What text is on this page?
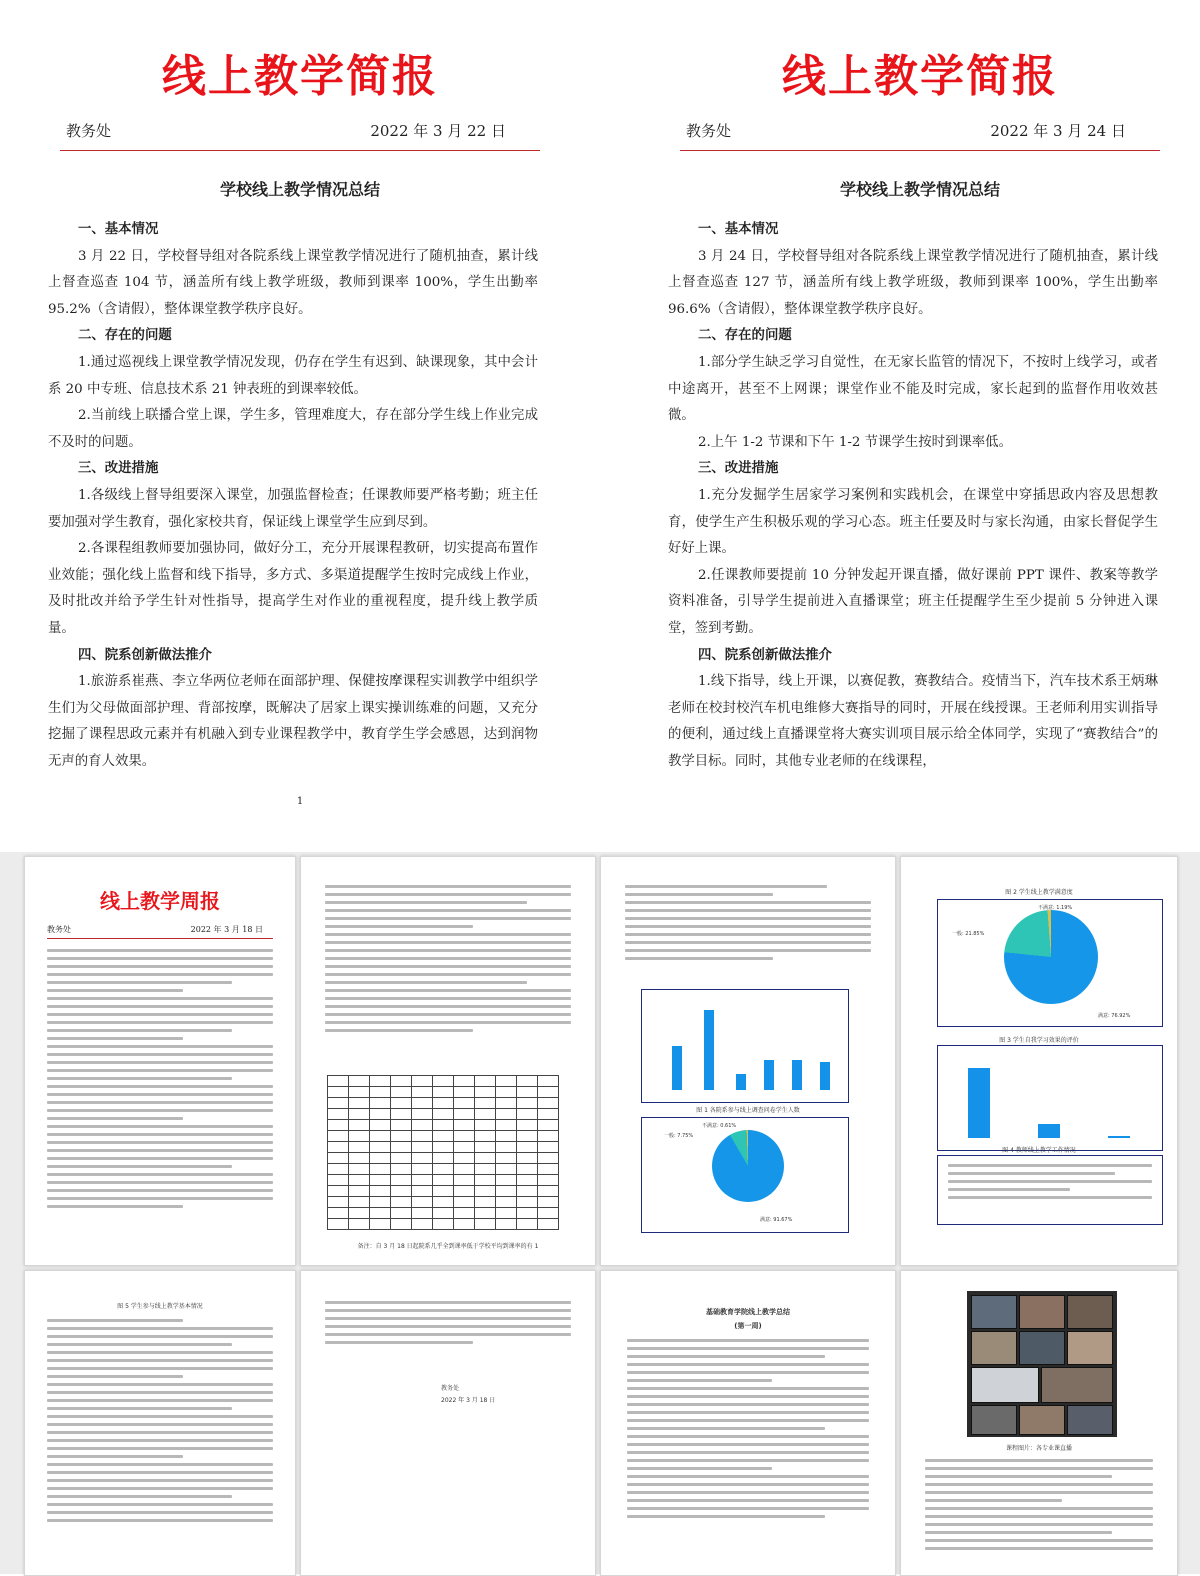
线上教学简报
教务处	2022 年 3 月 22 日
学校线上教学情况总结
一、基本情况
3 月 22 日，学校督导组对各院系线上课堂教学情况进行了随机抽查，累计线上督查巡查 104 节，涵盖所有线上教学班级，教师到课率 100%，学生出勤率 95.2%（含请假），整体课堂教学秩序良好。
二、存在的问题
1.通过巡视线上课堂教学情况发现，仍存在学生有迟到、缺课现象，其中会计系 20 中专班、信息技术系 21 钟表班的到课率较低。
2.当前线上联播合堂上课，学生多，管理难度大，存在部分学生线上作业完成不及时的问题。
三、改进措施
1.各级线上督导组要深入课堂，加强监督检查；任课教师要严格考勤；班主任要加强对学生教育，强化家校共育，保证线上课堂学生应到尽到。
2.各课程组教师要加强协同，做好分工，充分开展课程教研，切实提高布置作业效能；强化线上监督和线下指导，多方式、多渠道提醒学生按时完成线上作业，及时批改并给予学生针对性指导，提高学生对作业的重视程度，提升线上教学质量。
四、院系创新做法推介
1.旅游系崔燕、李立华两位老师在面部护理、保健按摩课程实训教学中组织学生们为父母做面部护理、背部按摩，既解决了居家上课实操训练难的问题，又充分挖掘了课程思政元素并有机融入到专业课程教学中，教育学生学会感恩，达到润物无声的育人效果。
1
线上教学简报
教务处	2022 年 3 月 24 日
学校线上教学情况总结
一、基本情况
3 月 24 日，学校督导组对各院系线上课堂教学情况进行了随机抽查，累计线上督查巡查 127 节，涵盖所有线上教学班级，教师到课率 100%，学生出勤率 96.6%（含请假），整体课堂教学秩序良好。
二、存在的问题
1.部分学生缺乏学习自觉性，在无家长监管的情况下，不按时上线学习，或者中途离开，甚至不上网课；课堂作业不能及时完成，家长起到的监督作用收效甚微。
2.上午 1-2 节课和下午 1-2 节课学生按时到课率低。
三、改进措施
1.充分发掘学生居家学习案例和实践机会，在课堂中穿插思政内容及思想教育，使学生产生积极乐观的学习心态。班主任要及时与家长沟通，由家长督促学生好好上课。
2.任课教师要提前 10 分钟发起开课直播，做好课前 PPT 课件、教案等教学资料准备，引导学生提前进入直播课堂；班主任提醒学生至少提前 5 分钟进入课堂，签到考勤。
四、院系创新做法推介
1.线下指导，线上开课，以赛促教，赛教结合。疫情当下，汽车技术系王炳琳老师在校封校汽车机电维修大赛指导的同时，开展在线授课。王老师利用实训指导的便利，通过线上直播课堂将大赛实训项目展示给全体同学，实现了“赛教结合”的教学目标。同时，其他专业老师的在线课程，
线上教学周报
教务处	2022 年 3 月 18 日

备注：自 3 月 18 日起院系几乎全到课率低于学校平均到课率的有 1
图 1 各院系参与线上调查问卷学生人数
不满意: 0.61%
一般: 7.75%
满意: 91.67%
图 2 学生线上教学满意度
不满意: 1.19%
一般: 21.85%
满意: 76.92%
图 3 学生自我学习效果的评价
图 4 教师线上教学工作情况
图 5 学生参与线上教学基本情况
教务处
2022 年 3 月 18 日
基础教育学院线上教学总结
(第一周)
课程图片：各专业课直播
